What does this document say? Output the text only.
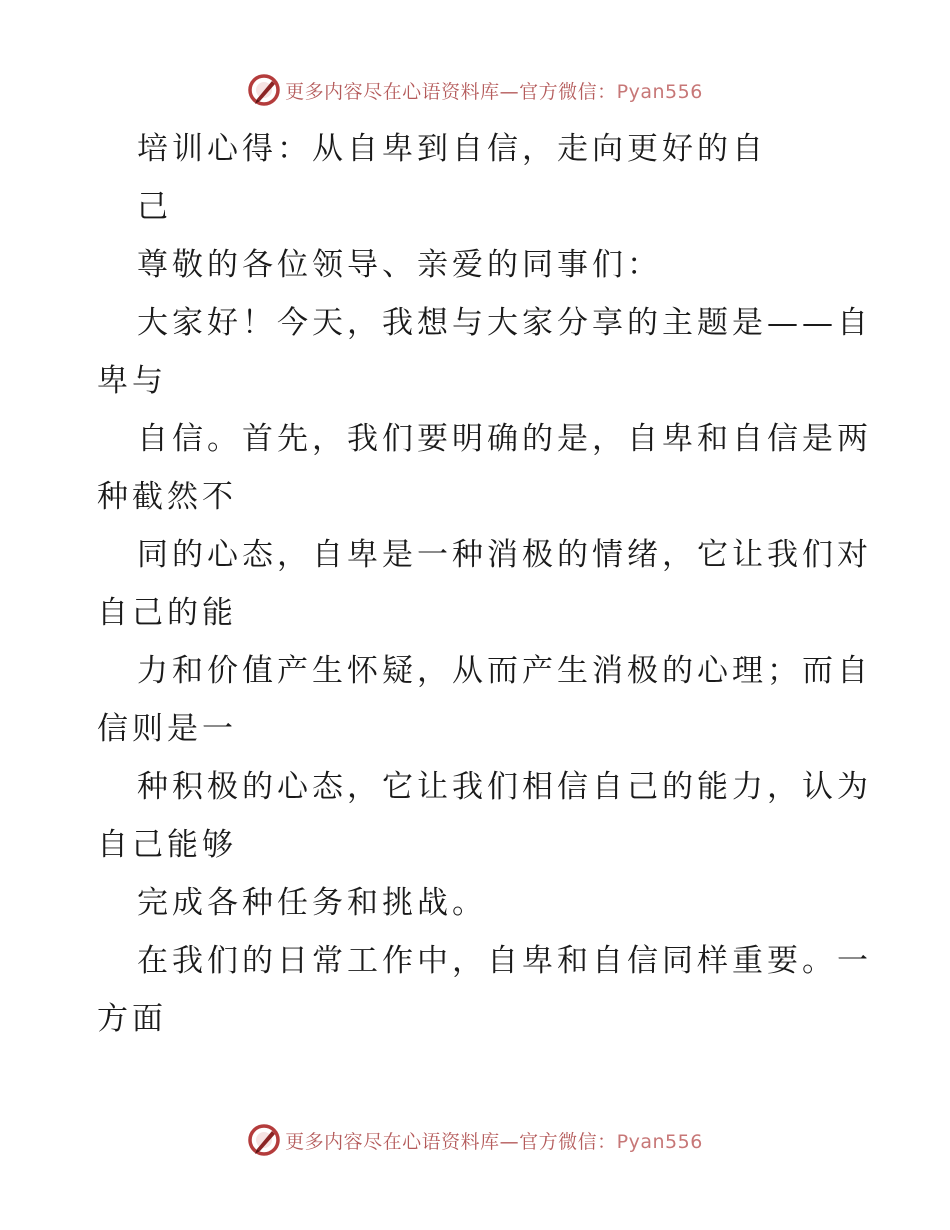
更多内容尽在心语资料库—官方微信：Pyan556
培训心得：从自卑到自信，走向更好的自
己
尊敬的各位领导、亲爱的同事们：
大家好！今天，我想与大家分享的主题是——自
卑与
自信。首先，我们要明确的是，自卑和自信是两
种截然不
同的心态，自卑是一种消极的情绪，它让我们对
自己的能
力和价值产生怀疑，从而产生消极的心理；而自
信则是一
种积极的心态，它让我们相信自己的能力，认为
自己能够
完成各种任务和挑战。
在我们的日常工作中，自卑和自信同样重要。一
方面
更多内容尽在心语资料库—官方微信：Pyan556
